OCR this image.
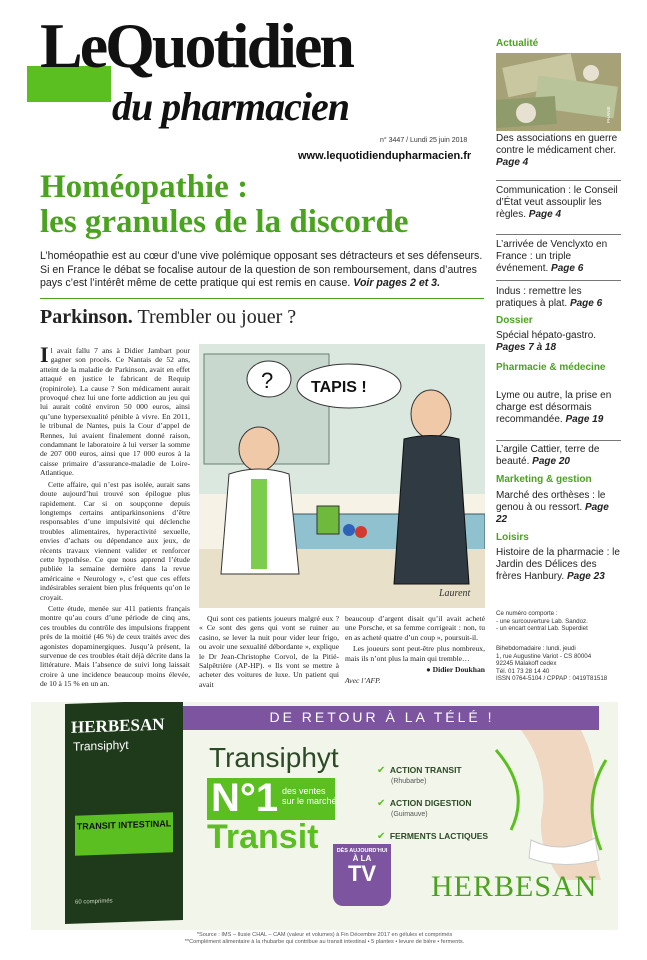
LeQuotidien
du pharmacien
n° 3447 / Lundi 25 juin 2018
www.lequotidiendupharmacien.fr
Homéopathie :
les granules de la discorde
L’homéopathie est au cœur d’une vive polémique opposant ses détracteurs et ses défenseurs. Si en France le débat se focalise autour de la question de son remboursement, dans d’autres pays c’est l’intérêt même de cette pratique qui est remis en cause. Voir pages 2 et 3.
Parkinson. Trembler ou jouer ?

Il avait fallu 7 ans à Didier Jambart pour gagner son procès. Ce Nantais de 52 ans, atteint de la maladie de Parkinson, avait en effet attaqué en justice le fabricant de Requip (ropinirole). La cause ? Son médicament aurait provoqué chez lui une forte addiction au jeu qui lui aurait coûté environ 50 000 euros, ainsi qu’une hypersexualité pénible à vivre. En 2011, le tribunal de Nantes, puis la Cour d’appel de Rennes, lui avaient finalement donné raison, condamnant le laboratoire à lui verser la somme de 207 000 euros, ainsi que 17 000 euros à la caisse primaire d’assurance-maladie de Loire-Atlantique.

Cette affaire, qui n’est pas isolée, aurait sans doute aujourd’hui trouvé son épilogue plus rapidement. Car si on soupçonne depuis longtemps certains antiparkinsoniens d’être responsables d’une impulsivité qui déclenche troubles alimentaires, hyperactivité sexuelle, envies d’achats ou dépendance aux jeux, de récents travaux viennent valider et renforcer cette hypothèse. Ce que nous apprend l’étude publiée la semaine dernière dans la revue américaine « Neurology », c’est que ces effets indésirables seraient bien plus fréquents qu’on le croyait.

Cette étude, menée sur 411 patients français montre qu’au cours d’une période de cinq ans, ces troubles du contrôle des impulsions frappent près de la moitié (46 %) de ceux traités avec des agonistes dopaminergiques. Jusqu’à présent, la survenue de ces troubles était déjà décrite dans la littérature. Mais l’absence de suivi long laissait croire à une incidence beaucoup moins élevée, de 10 à 15 % en un an.

? TAPIS !
Laurent

Qui sont ces patients joueurs malgré eux ? « Ce sont des gens qui vont se ruiner au casino, se lever la nuit pour vider leur frigo, ou avoir une sexualité débordante », explique le Dr Jean-Christophe Corvol, de la Pitié-Salpêtrière (AP-HP). « Ils vont se mettre à acheter des voitures de luxe. Un patient qui avait

beaucoup d’argent disait qu’il avait acheté une Porsche, et sa femme corrigeait : non, tu en as acheté quatre d’un coup », poursuit-il.

Les joueurs sont peut-être plus nombreux, mais ils n’ont plus la main qui tremble…

● Didier Doukhan

Avec l’AFP.

Actualité
PHANIE
Des associations en guerre contre le médicament cher. Page 4
Communication : le Conseil d’État veut assouplir les règles. Page 4
L’arrivée de Venclyxto en France : un triple événement. Page 6
Indus : remettre les pratiques à plat. Page 6
Dossier
Spécial hépato-gastro. Pages 7 à 18
Pharmacie & médecine
Lyme ou autre, la prise en charge est désormais recommandée. Page 19
L’argile Cattier, terre de beauté. Page 20
Marketing & gestion
Marché des orthèses : le genou à ou ressort. Page 22
Loisirs
Histoire de la pharmacie : le Jardin des Délices des frères Hanbury. Page 23
Ce numéro comporte :
- une surcouverture Lab. Sandoz.
- un encart central Lab. Superdiet
Bihebdomadaire : lundi, jeudi
1, rue Augustine Variot - CS 80004
92245 Malakoff cedex
Tél. 01 73 28 14 40
ISSN 0764-5104 / CPPAP : 0419T81518
DE RETOUR À LA TÉLÉ !
HERBESAN
Transiphyt
TRANSIT INTESTINAL
60 comprimés
Transiphyt
N°1 des ventes sur le marché
Transit
✔ ACTION TRANSIT
(Rhubarbe)
✔ ACTION DIGESTION
(Guimauve)
✔ FERMENTS LACTIQUES
DÈS AUJOURD’HUI
À LA
TV	HERBESAN
*Source : IMS – Ilusie CHAL – CAM (valeur et volumes) à Fin Décembre 2017 en gélules et comprimés
**Complément alimentaire à la rhubarbe qui contribue au transit intestinal • 5 plantes • levure de bière • ferments.
